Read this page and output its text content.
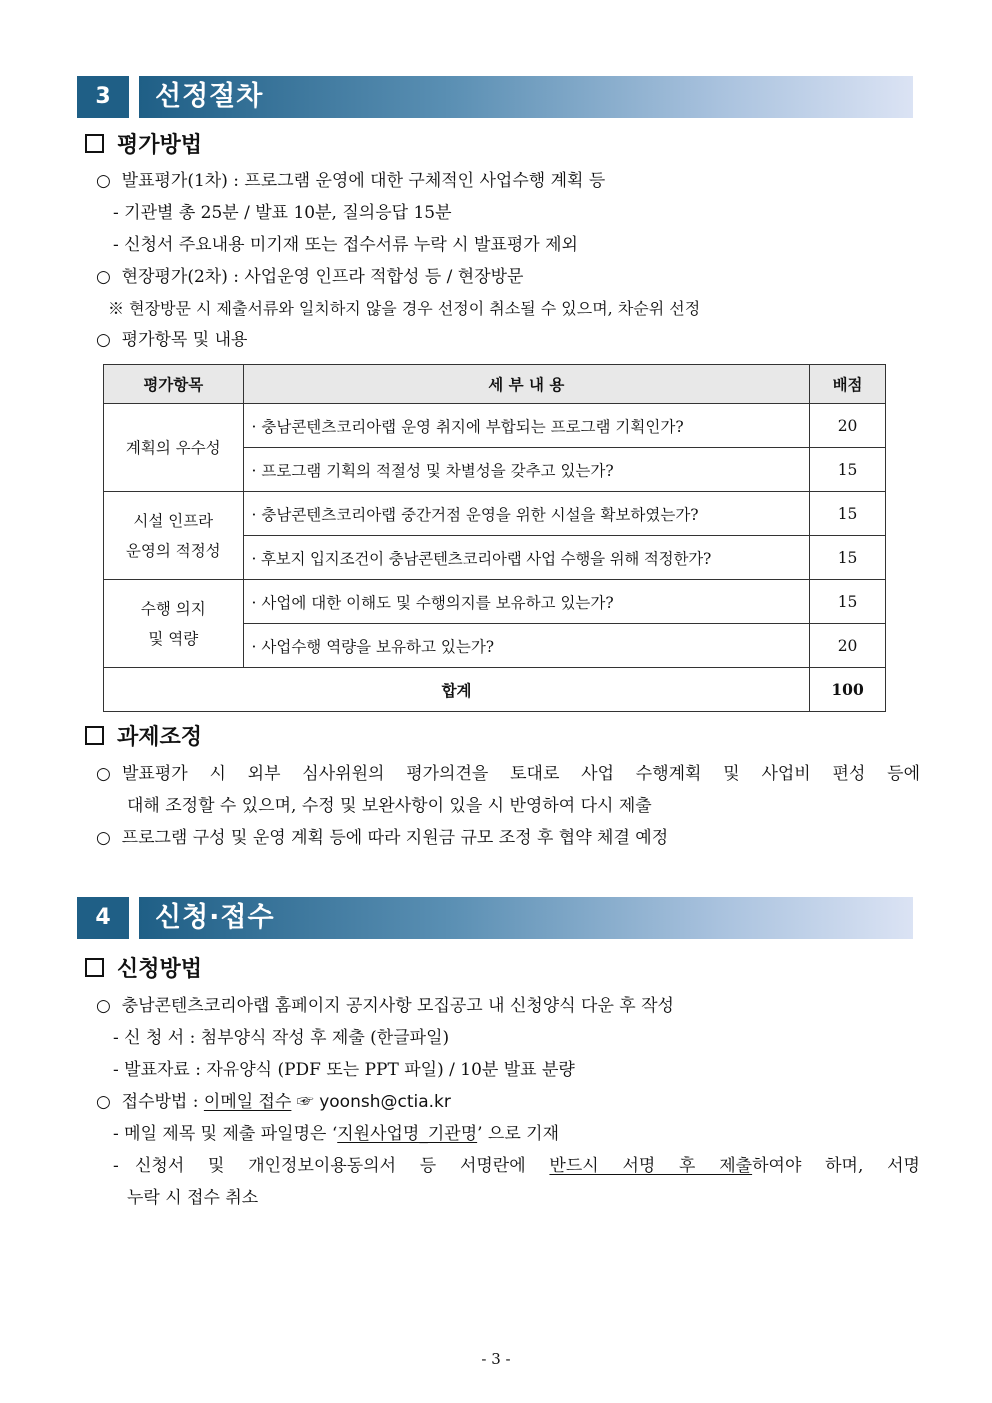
3	선정절차
평가방법
○ 발표평가(1차) : 프로그램 운영에 대한 구체적인 사업수행 계획 등
- 기관별 총 25분 / 발표 10분, 질의응답 15분
- 신청서 주요내용 미기재 또는 접수서류 누락 시 발표평가 제외
○ 현장평가(2차) : 사업운영 인프라 적합성 등 / 현장방문
※ 현장방문 시 제출서류와 일치하지 않을 경우 선정이 취소될 수 있으며, 차순위 선정
○ 평가항목 및 내용
평가항목	세 부 내 용	배점
계획의 우수성	· 충남콘텐츠코리아랩 운영 취지에 부합되는 프로그램 기획인가?	20
	· 프로그램 기획의 적절성 및 차별성을 갖추고 있는가?	15
시설 인프라
운영의 적정성	· 충남콘텐츠코리아랩 중간거점 운영을 위한 시설을 확보하였는가?	15
	· 후보지 입지조건이 충남콘텐츠코리아랩 사업 수행을 위해 적정한가?	15
수행 의지
및 역량	· 사업에 대한 이해도 및 수행의지를 보유하고 있는가?	15
	· 사업수행 역량을 보유하고 있는가?	20
합계		100
과제조정
○ 발표평가 시 외부 심사위원의 평가의견을 토대로 사업 수행계획 및 사업비 편성 등에
대해 조정할 수 있으며, 수정 및 보완사항이 있을 시 반영하여 다시 제출
○  프로그램 구성 및 운영 계획 등에 따라 지원금 규모 조정 후 협약 체결 예정
4	신청·접수
신청방법
○  충남콘텐츠코리아랩 홈페이지 공지사항 모집공고 내 신청양식 다운 후 작성
- 신 청 서 : 첨부양식 작성 후 제출 (한글파일)
- 발표자료 : 자유양식 (PDF 또는 PPT 파일) / 10분 발표 분량
○  접수방법 : 이메일 접수 ☞ yoonsh@ctia.kr
- 메일 제목 및 제출 파일명은 ‘지원사업명_기관명’ 으로 기재
- 신청서 및 개인정보이용동의서 등 서명란에 반드시 서명 후 제출하여야 하며, 서명
누락 시 접수 취소
- 3 -
